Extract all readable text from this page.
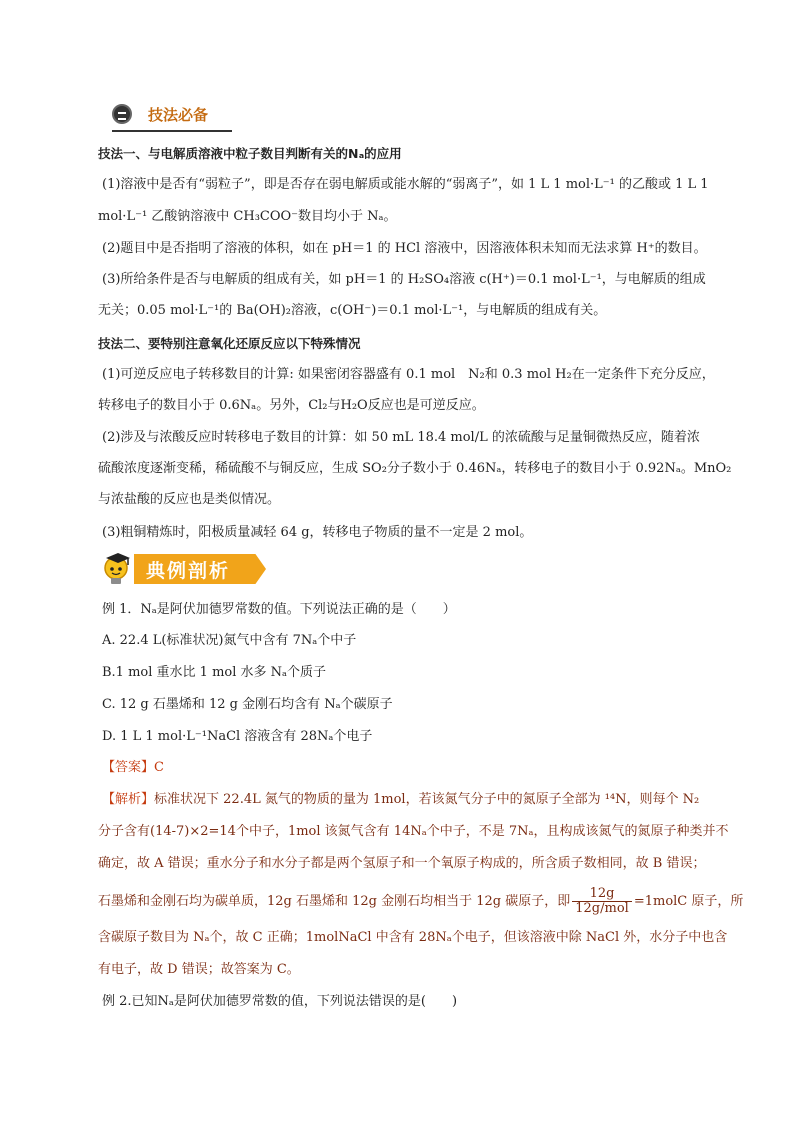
技法必备
技法一、与电解质溶液中粒子数目判断有关的Nₐ的应用
(1)溶液中是否有“弱粒子”，即是否存在弱电解质或能水解的“弱离子”，如 1 L 1 mol·L⁻¹ 的乙酸或 1 L 1
mol·L⁻¹ 乙酸钠溶液中 CH₃COO⁻数目均小于 Nₐ。
(2)题目中是否指明了溶液的体积，如在 pH＝1 的 HCl 溶液中，因溶液体积未知而无法求算 H⁺的数目。
(3)所给条件是否与电解质的组成有关，如 pH＝1 的 H₂SO₄溶液 c(H⁺)＝0.1 mol·L⁻¹，与电解质的组成
无关；0.05 mol·L⁻¹的 Ba(OH)₂溶液，c(OH⁻)＝0.1 mol·L⁻¹，与电解质的组成有关。
技法二、要特别注意氧化还原反应以下特殊情况
(1)可逆反应电子转移数目的计算: 如果密闭容器盛有 0.1 mol　N₂和 0.3 mol H₂在一定条件下充分反应，
转移电子的数目小于 0.6Nₐ。另外，Cl₂与H₂O反应也是可逆反应。
(2)涉及与浓酸反应时转移电子数目的计算：如 50 mL 18.4 mol/L 的浓硫酸与足量铜微热反应，随着浓
硫酸浓度逐渐变稀，稀硫酸不与铜反应，生成 SO₂分子数小于 0.46Nₐ，转移电子的数目小于 0.92Nₐ。MnO₂
与浓盐酸的反应也是类似情况。
(3)粗铜精炼时，阳极质量减轻 64 g，转移电子物质的量不一定是 2 mol。
典例剖析
例 1．Nₐ是阿伏加德罗常数的值。下列说法正确的是（　　）
A. 22.4 L(标准状况)氮气中含有 7Nₐ个中子
B.1 mol 重水比 1 mol 水多 Nₐ个质子
C. 12 g 石墨烯和 12 g 金刚石均含有 Nₐ个碳原子
D. 1 L 1 mol·L⁻¹NaCl 溶液含有 28Nₐ个电子
【答案】C
【解析】标准状况下 22.4L 氮气的物质的量为 1mol，若该氮气分子中的氮原子全部为 ¹⁴N，则每个 N₂
分子含有(14-7)×2=14个中子，1mol 该氮气含有 14Nₐ个中子，不是 7Nₐ，且构成该氮气的氮原子种类并不
确定，故 A 错误；重水分子和水分子都是两个氢原子和一个氧原子构成的，所含质子数相同，故 B 错误；
石墨烯和金刚石均为碳单质，12g 石墨烯和 12g 金刚石均相当于 12g 碳原子，即 $\frac{12g}{\text{12g/mol}}$ =1molC 原子，所
含碳原子数目为 Nₐ个，故 C 正确；1molNaCl 中含有 28Nₐ个电子，但该溶液中除 NaCl 外，水分子中也含
有电子，故 D 错误；故答案为 C。
例 2.已知Nₐ是阿伏加德罗常数的值，下列说法错误的是(　　)
